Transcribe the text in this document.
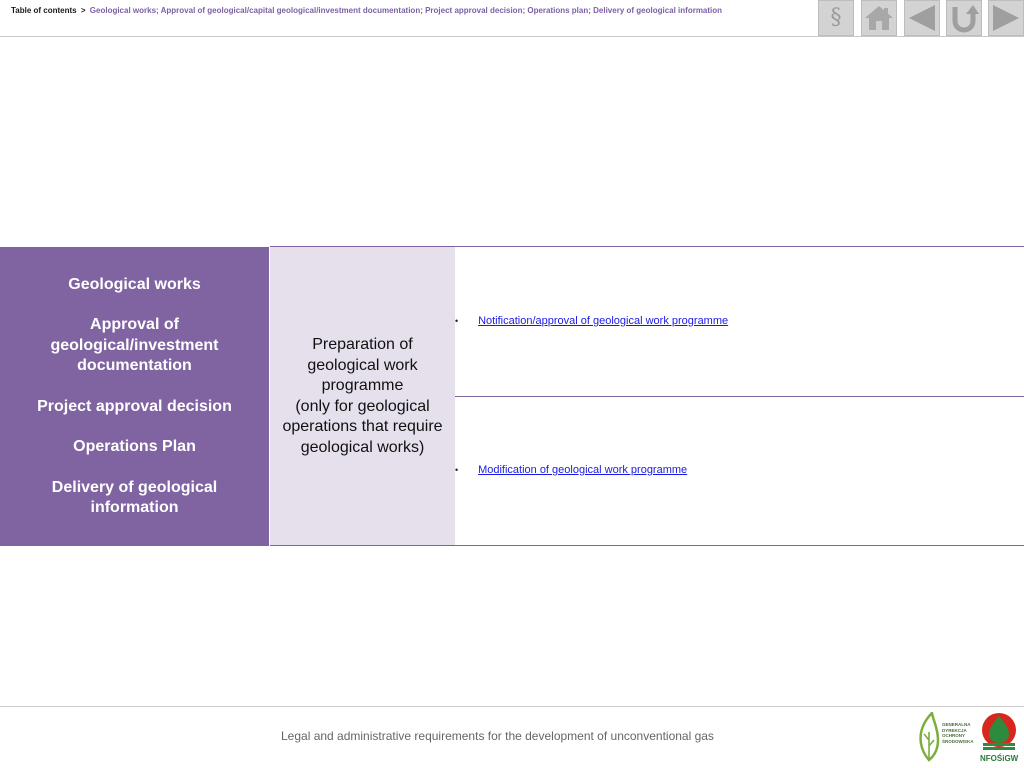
Table of contents > Geological works; Approval of geological/capital geological/investment documentation; Project approval decision; Operations plan; Delivery of geological information	§
Geological works
Approval of geological/investment documentation
Project approval decision
Operations Plan
Delivery of geological information
Preparation of
geological work
programme
(only for geological
operations that require
geological works)
• Notification/approval of geological work programme
• Modification of geological work programme
Legal and administrative requirements for the development of unconventional gas
GENERALNA
DYREKCJA
OCHRONY
ŚRODOWISKA
NFOŚiGW
